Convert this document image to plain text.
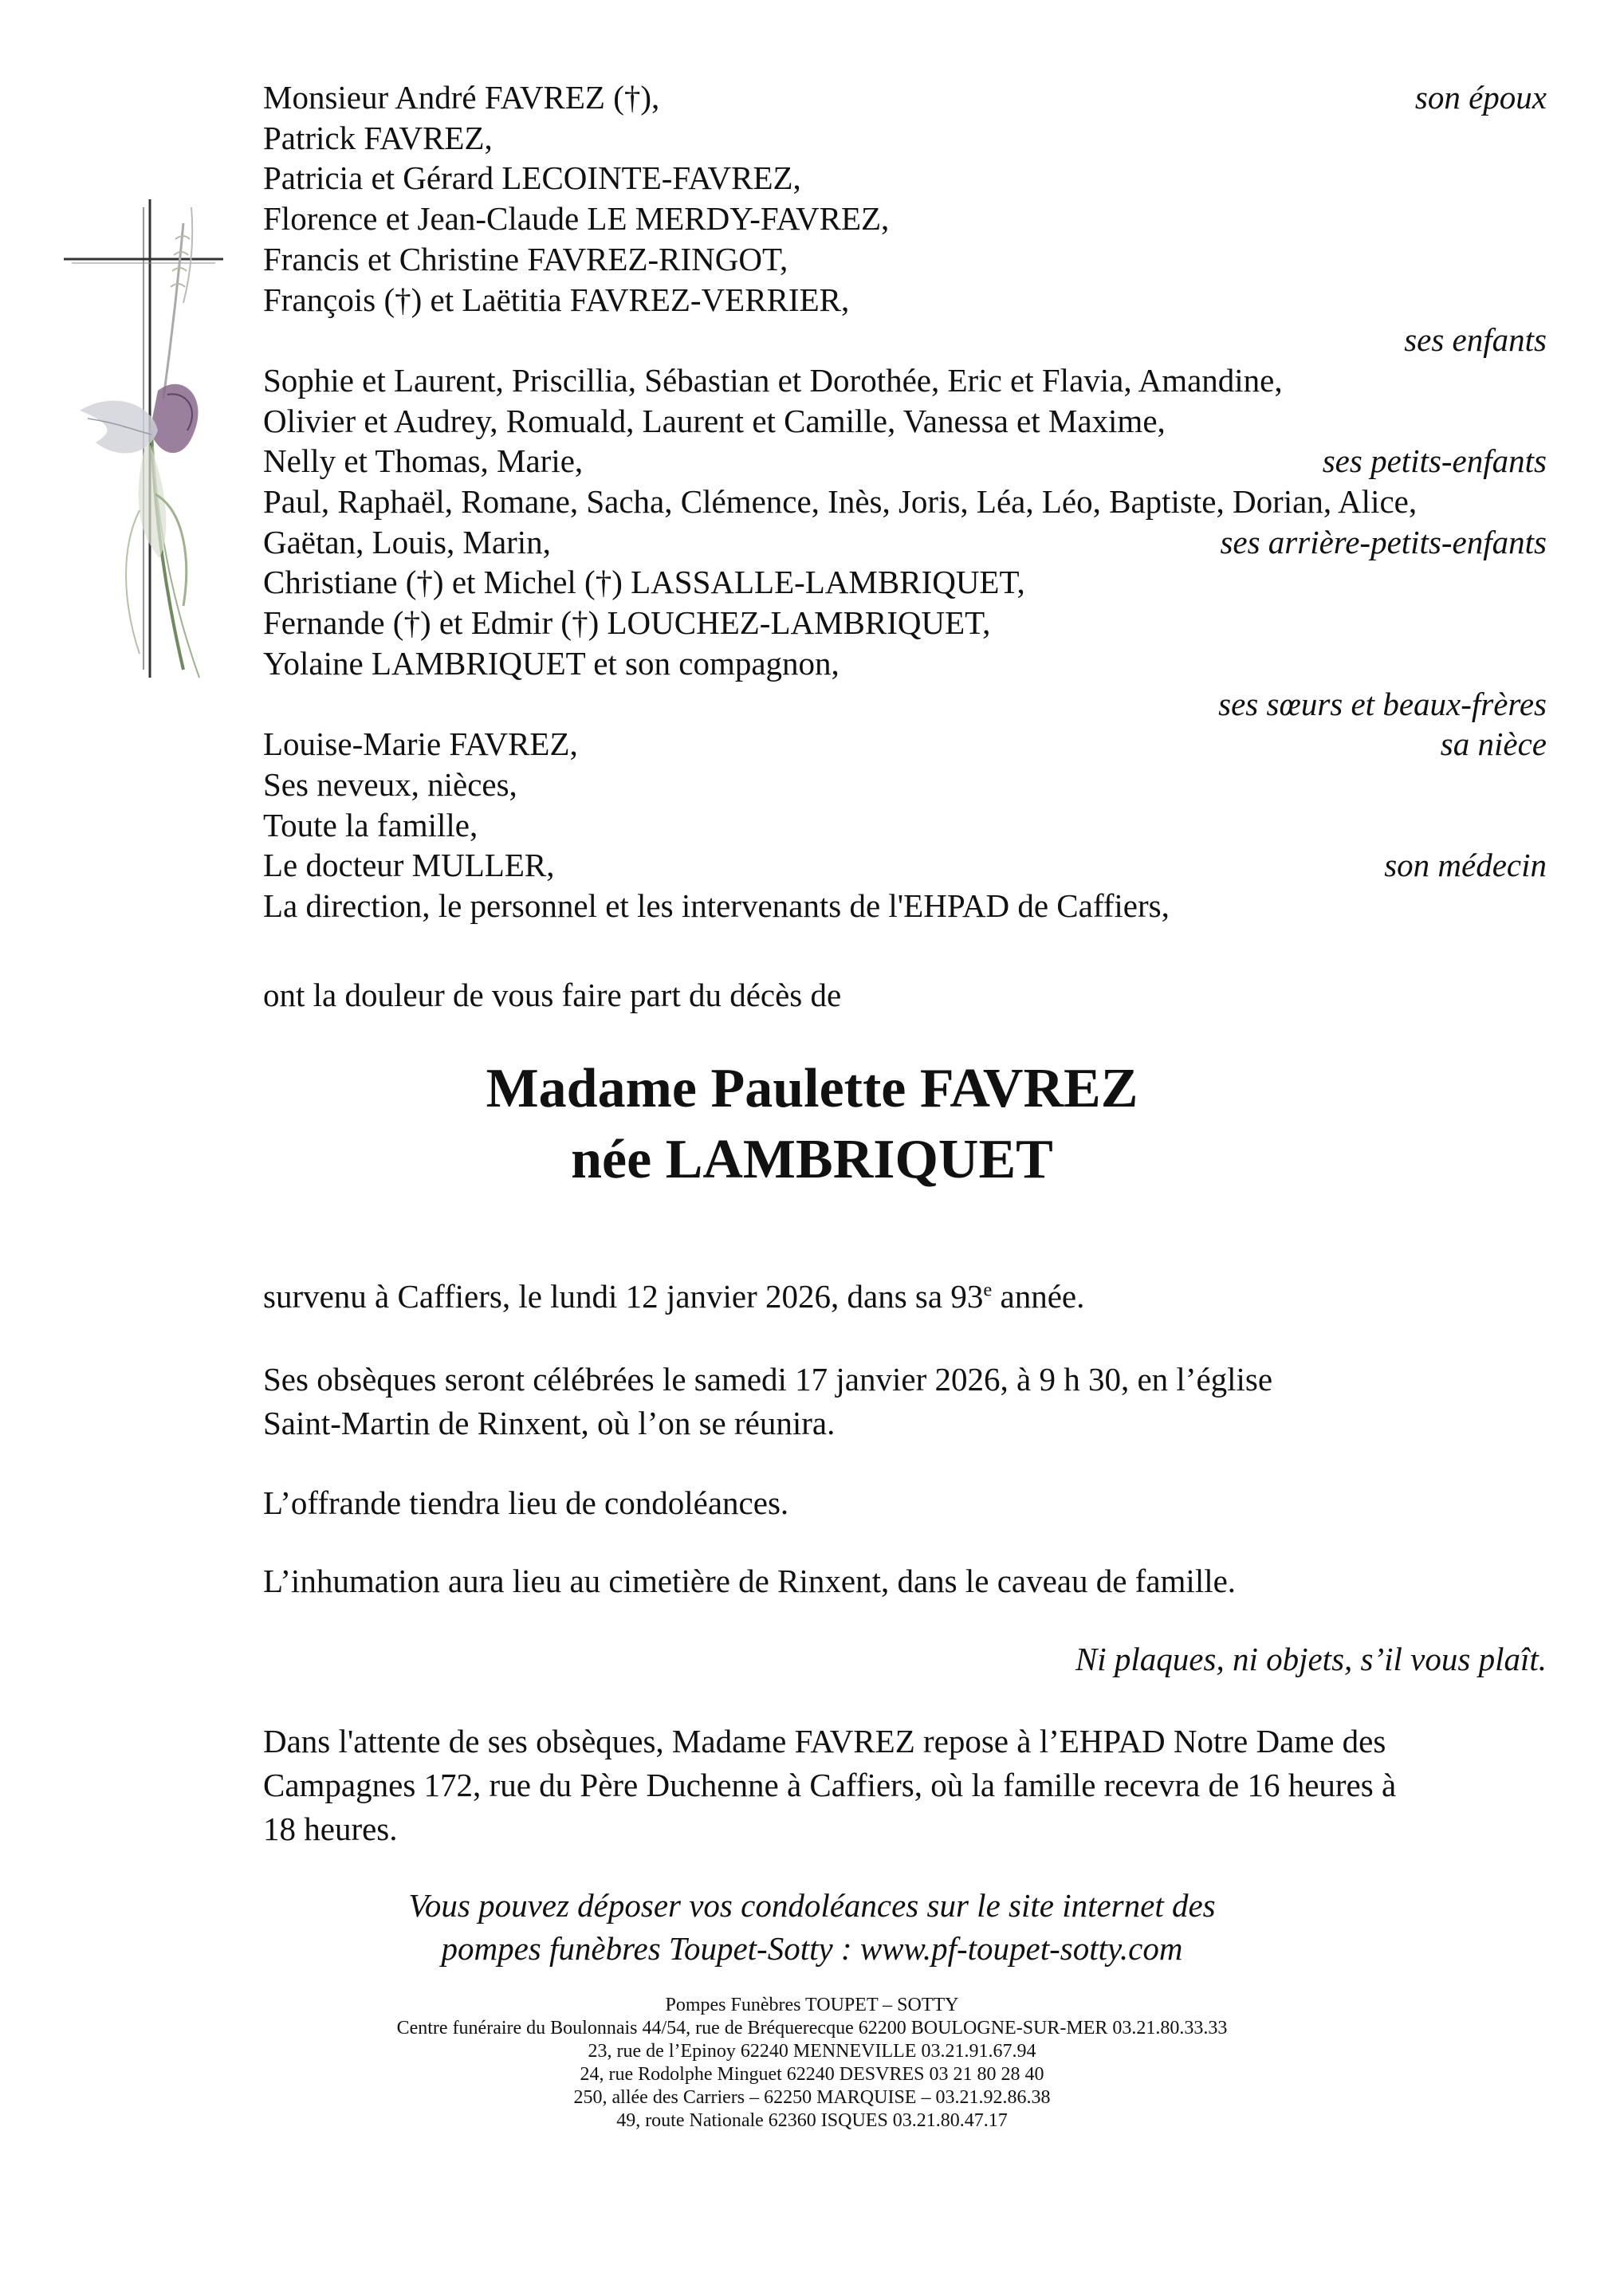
Monsieur André FAVREZ (†),	son époux
Patrick FAVREZ,
Patricia et Gérard LECOINTE-FAVREZ,
Florence et Jean-Claude LE MERDY-FAVREZ,
Francis et Christine FAVREZ-RINGOT,
François (†) et Laëtitia FAVREZ-VERRIER,
ses enfants
Sophie et Laurent, Priscillia, Sébastian et Dorothée, Eric et Flavia, Amandine,
Olivier et Audrey, Romuald, Laurent et Camille, Vanessa et Maxime,
Nelly et Thomas, Marie,	ses petits-enfants
Paul, Raphaël, Romane, Sacha, Clémence, Inès, Joris, Léa, Léo, Baptiste, Dorian, Alice,
Gaëtan, Louis, Marin,	ses arrière-petits-enfants
Christiane (†) et Michel (†) LASSALLE-LAMBRIQUET,
Fernande (†) et Edmir (†) LOUCHEZ-LAMBRIQUET,
Yolaine LAMBRIQUET et son compagnon,
ses sœurs et beaux-frères
Louise-Marie FAVREZ,	sa nièce
Ses neveux, nièces,
Toute la famille,
Le docteur MULLER,	son médecin
La direction, le personnel et les intervenants de l'EHPAD de Caffiers,
ont la douleur de vous faire part du décès de
Madame Paulette FAVREZ
née LAMBRIQUET
survenu à Caffiers, le lundi 12 janvier 2026, dans sa 93e année.
Ses obsèques seront célébrées le samedi 17 janvier 2026, à 9 h 30, en l’église
Saint-Martin de Rinxent, où l’on se réunira.
L’offrande tiendra lieu de condoléances.
L’inhumation aura lieu au cimetière de Rinxent, dans le caveau de famille.
Ni plaques, ni objets, s’il vous plaît.
Dans l'attente de ses obsèques, Madame FAVREZ repose à l’EHPAD Notre Dame des
Campagnes 172, rue du Père Duchenne à Caffiers, où la famille recevra de 16 heures à
18 heures.
Vous pouvez déposer vos condoléances sur le site internet des
pompes funèbres Toupet-Sotty : www.pf-toupet-sotty.com
Pompes Funèbres TOUPET – SOTTY
Centre funéraire du Boulonnais 44/54, rue de Bréquerecque 62200 BOULOGNE-SUR-MER 03.21.80.33.33
23, rue de l’Epinoy 62240 MENNEVILLE 03.21.91.67.94
24, rue Rodolphe Minguet 62240 DESVRES 03 21 80 28 40
250, allée des Carriers – 62250 MARQUISE – 03.21.92.86.38
49, route Nationale 62360 ISQUES 03.21.80.47.17
